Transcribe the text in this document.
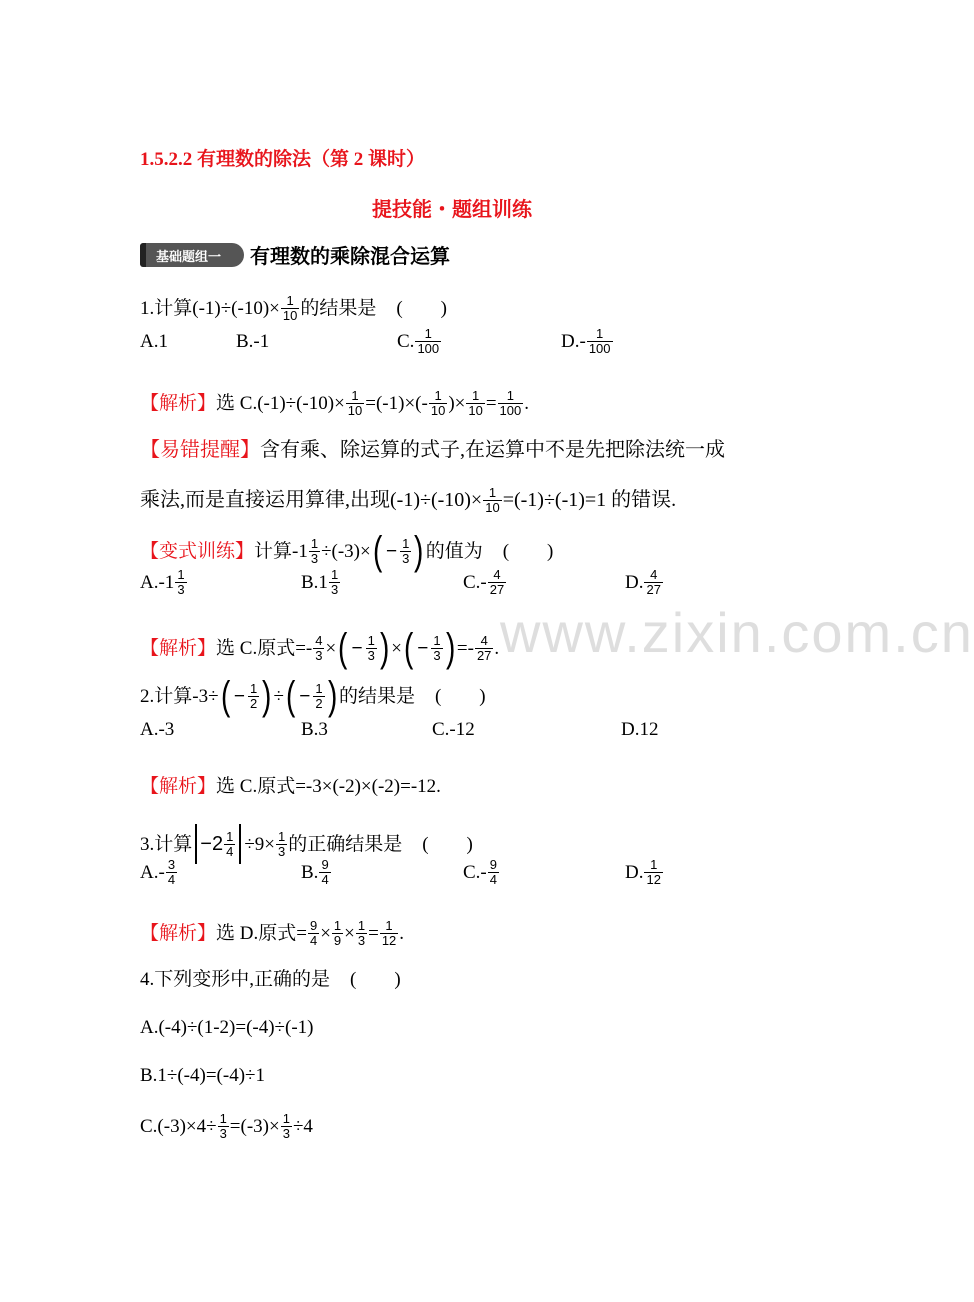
www.zixin.com.cn
1.5.2.2 有理数的除法（第 2 课时）
提技能・题组训练
基础题组一 有理数的乘除混合运算
1.计算$(-1)\div(-10)\times \frac{1}{10}$ 的结果是 (　　)
A.1	B.-1	C. $\frac{1}{100}$	$D.- \frac{1}{100}$
【解析】 选 $C.(-1)\div(-10)\times \frac{1}{10} =(-1)\times(- \frac{1}{10}$ )× $\frac{1}{10} = \frac{1}{100}$ .
【易错提醒】 含有乘、除运算的式子,在运算中不是先把除法统一成
乘法,而是直接运用算律,出现$(-1)\div(-10)\times \frac{1}{10} =(-1)\div(-1)=1$ 的错误.
【变式训练】 计算$-1 \frac{1}{3} \div(-3)\times$ ( − $\frac{1}{3}$ ) 的值为 (　　)
$A.-1 \frac{1}{3}$	$B.1 \frac{1}{3}$	$C.- \frac{4}{27}$	D. $\frac{4}{27}$
【解析】 选 C.原式=- $\frac{4}{3}$ × ( − $\frac{1}{3}$ ) × ( − $\frac{1}{3}$ ) =- $\frac{4}{27}$ .
2.计算-3÷ ( − $\frac{1}{2}$ ) ÷ ( − $\frac{1}{2}$ ) 的结果是 (　　)
A.-3	B.3	C.-12	D.12
【解析】 选 C.原式=-3×(-2)×(-2)=-12.
3.计算 $-2 \frac{1}{4} \div 9\times \frac{1}{3}$ 的正确结果是 (　　)
$A.- \frac{3}{4}$	B. $\frac{9}{4}$	$C.- \frac{9}{4}$	D. $\frac{1}{12}$
【解析】 选 D.原式= $\frac{9}{4} \times \frac{1}{9} \times \frac{1}{3} = \frac{1}{12}$ .
4.下列变形中,正确的是 (　　)
A.(-4)÷(1-2)=(-4)÷(-1)
B.1÷(-4)=(-4)÷1
$C.(-3)\times 4\div \frac{1}{3} =(-3)\times \frac{1}{3} \div 4$
